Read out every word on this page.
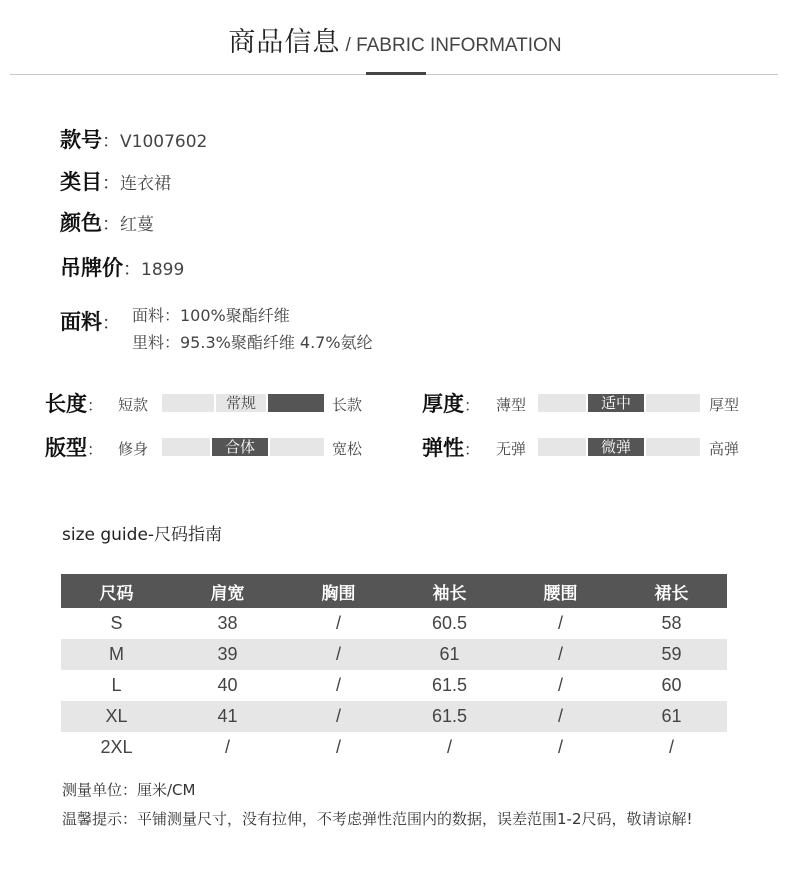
商品信息 / FABRIC INFORMATION
款号：V1007602
类目：连衣裙
颜色：红蔓
吊牌价：1899
面料： 面料：100%聚酯纤维
里料：95.3%聚酯纤维 4.7%氨纶
长度： 短款	常规	长款	厚度： 薄型	适中	厚型
版型： 修身	合体	宽松	弹性： 无弹	微弹	高弹
size guide-尺码指南
尺码	肩宽	胸围	袖长	腰围	裙长
S	38	/	60.5	/	58
M	39	/	61	/	59
L	40	/	61.5	/	60
XL	41	/	61.5	/	61
2XL	/	/	/	/	/
测量单位：厘米/CM
温馨提示：平铺测量尺寸，没有拉伸，不考虑弹性范围内的数据，误差范围1-2尺码，敬请谅解!
